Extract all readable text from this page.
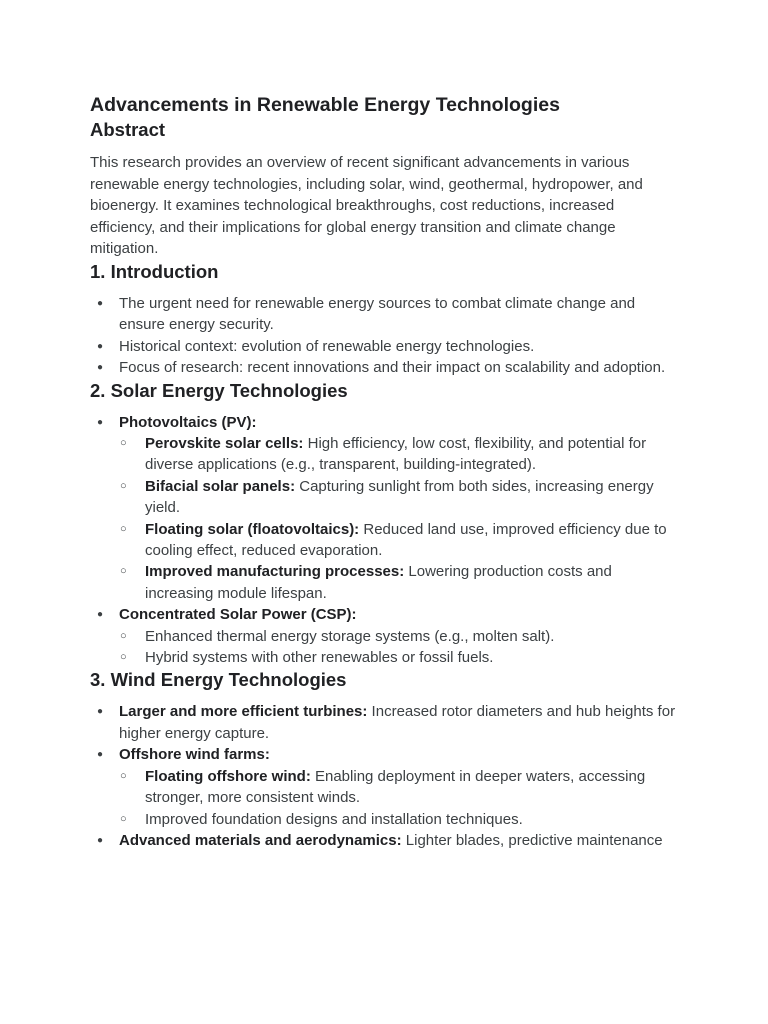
Advancements in Renewable Energy Technologies
Abstract

This research provides an overview of recent significant advancements in various renewable energy technologies, including solar, wind, geothermal, hydropower, and bioenergy. It examines technological breakthroughs, cost reductions, increased efficiency, and their implications for global energy transition and climate change mitigation.

1. Introduction
● The urgent need for renewable energy sources to combat climate change and ensure energy security.
● Historical context: evolution of renewable energy technologies.
● Focus of research: recent innovations and their impact on scalability and adoption.
2. Solar Energy Technologies
● Photovoltaics (PV):
○ Perovskite solar cells: High efficiency, low cost, flexibility, and potential for diverse applications (e.g., transparent, building-integrated).
○ Bifacial solar panels: Capturing sunlight from both sides, increasing energy yield.
○ Floating solar (floatovoltaics): Reduced land use, improved efficiency due to cooling effect, reduced evaporation.
○ Improved manufacturing processes: Lowering production costs and increasing module lifespan.
● Concentrated Solar Power (CSP):
○ Enhanced thermal energy storage systems (e.g., molten salt).
○ Hybrid systems with other renewables or fossil fuels.
3. Wind Energy Technologies
● Larger and more efficient turbines: Increased rotor diameters and hub heights for higher energy capture.
● Offshore wind farms:
○ Floating offshore wind: Enabling deployment in deeper waters, accessing stronger, more consistent winds.
○ Improved foundation designs and installation techniques.
● Advanced materials and aerodynamics: Lighter blades, predictive maintenance
